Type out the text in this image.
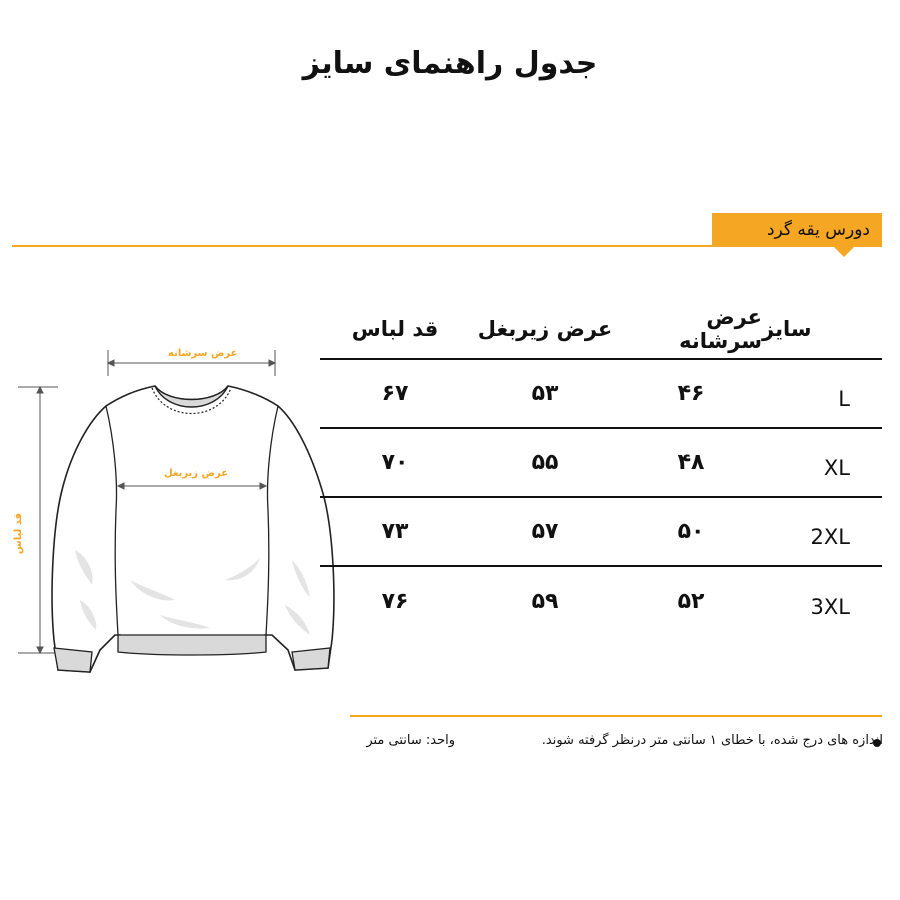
جدول راهنمای سایز
دورس یقه گرد
عرض سرشانه
عرض زیربغل
قد لباس
سایز
عرض سرشانه
عرض زیربغل
قد لباس
L
۴۶
۵۳
۶۷
XL
۴۸
۵۵
۷۰
2XL
۵۰
۵۷
۷۳
3XL
۵۲
۵۹
۷۶
اندازه های درج شده، با خطای ۱ سانتی متر درنظر گرفته شوند.
واحد: سانتی متر
